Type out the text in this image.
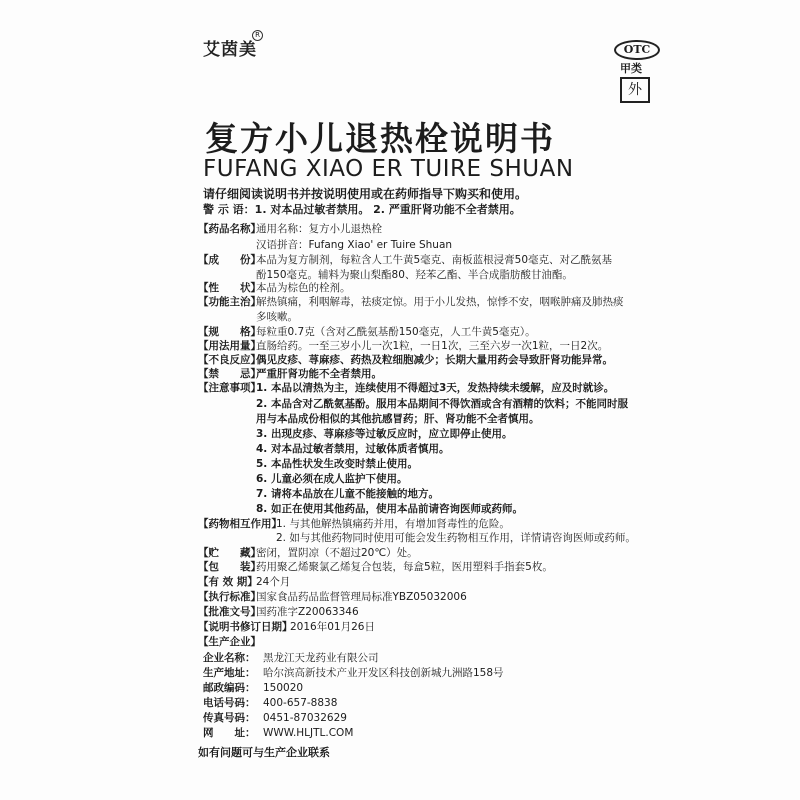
艾茵美
R
OTC
甲类
外
复方小儿退热栓说明书
FUFANG XIAO ER TUIRE SHUAN
请仔细阅读说明书并按说明使用或在药师指导下购买和使用。
警 示 语：1. 对本品过敏者禁用。 2. 严重肝肾功能不全者禁用。
【药品名称】通用名称：复方小儿退热栓
汉语拼音：Fufang Xiao' er Tuire Shuan
【成　　份】本品为复方制剂，每粒含人工牛黄5毫克、南板蓝根浸膏50毫克、对乙酰氨基
酚150毫克。辅料为聚山梨酯80、羟苯乙酯、半合成脂肪酸甘油酯。
【性　　状】本品为棕色的栓剂。
【功能主治】解热镇痛，利咽解毒，祛痰定惊。用于小儿发热，惊悸不安，咽喉肿痛及肺热痰
多咳嗽。
【规　　格】每粒重0.7克（含对乙酰氨基酚150毫克，人工牛黄5毫克）。
【用法用量】直肠给药。一至三岁小儿一次1粒，一日1次，三至六岁一次1粒，一日2次。
【不良反应】偶见皮疹、荨麻疹、药热及粒细胞减少；长期大量用药会导致肝肾功能异常。
【禁　　忌】严重肝肾功能不全者禁用。
【注意事项】1. 本品以清热为主，连续使用不得超过3天，发热持续未缓解，应及时就诊。
2. 本品含对乙酰氨基酚。服用本品期间不得饮酒或含有酒精的饮料；不能同时服
用与本品成份相似的其他抗感冒药；肝、肾功能不全者慎用。
3. 出现皮疹、荨麻疹等过敏反应时，应立即停止使用。
4. 对本品过敏者禁用，过敏体质者慎用。
5. 本品性状发生改变时禁止使用。
6. 儿童必须在成人监护下使用。
7. 请将本品放在儿童不能接触的地方。
8. 如正在使用其他药品，使用本品前请咨询医师或药师。
【药物相互作用】1. 与其他解热镇痛药并用，有增加肾毒性的危险。
2. 如与其他药物同时使用可能会发生药物相互作用，详情请咨询医师或药师。
【贮　　藏】密闭，置阴凉（不超过20℃）处。
【包　　装】药用聚乙烯聚氯乙烯复合包装，每盒5粒，医用塑料手指套5枚。
【有 效 期】24个月
【执行标准】国家食品药品监督管理局标准YBZ05032006
【批准文号】国药准字Z20063346
【说明书修订日期】2016年01月26日
【生产企业】
企业名称： 黑龙江天龙药业有限公司
生产地址： 哈尔滨高新技术产业开发区科技创新城九洲路158号
邮政编码： 150020
电话号码： 400-657-8838
传真号码： 0451-87032629
网　　址： WWW.HLJTL.COM
如有问题可与生产企业联系
